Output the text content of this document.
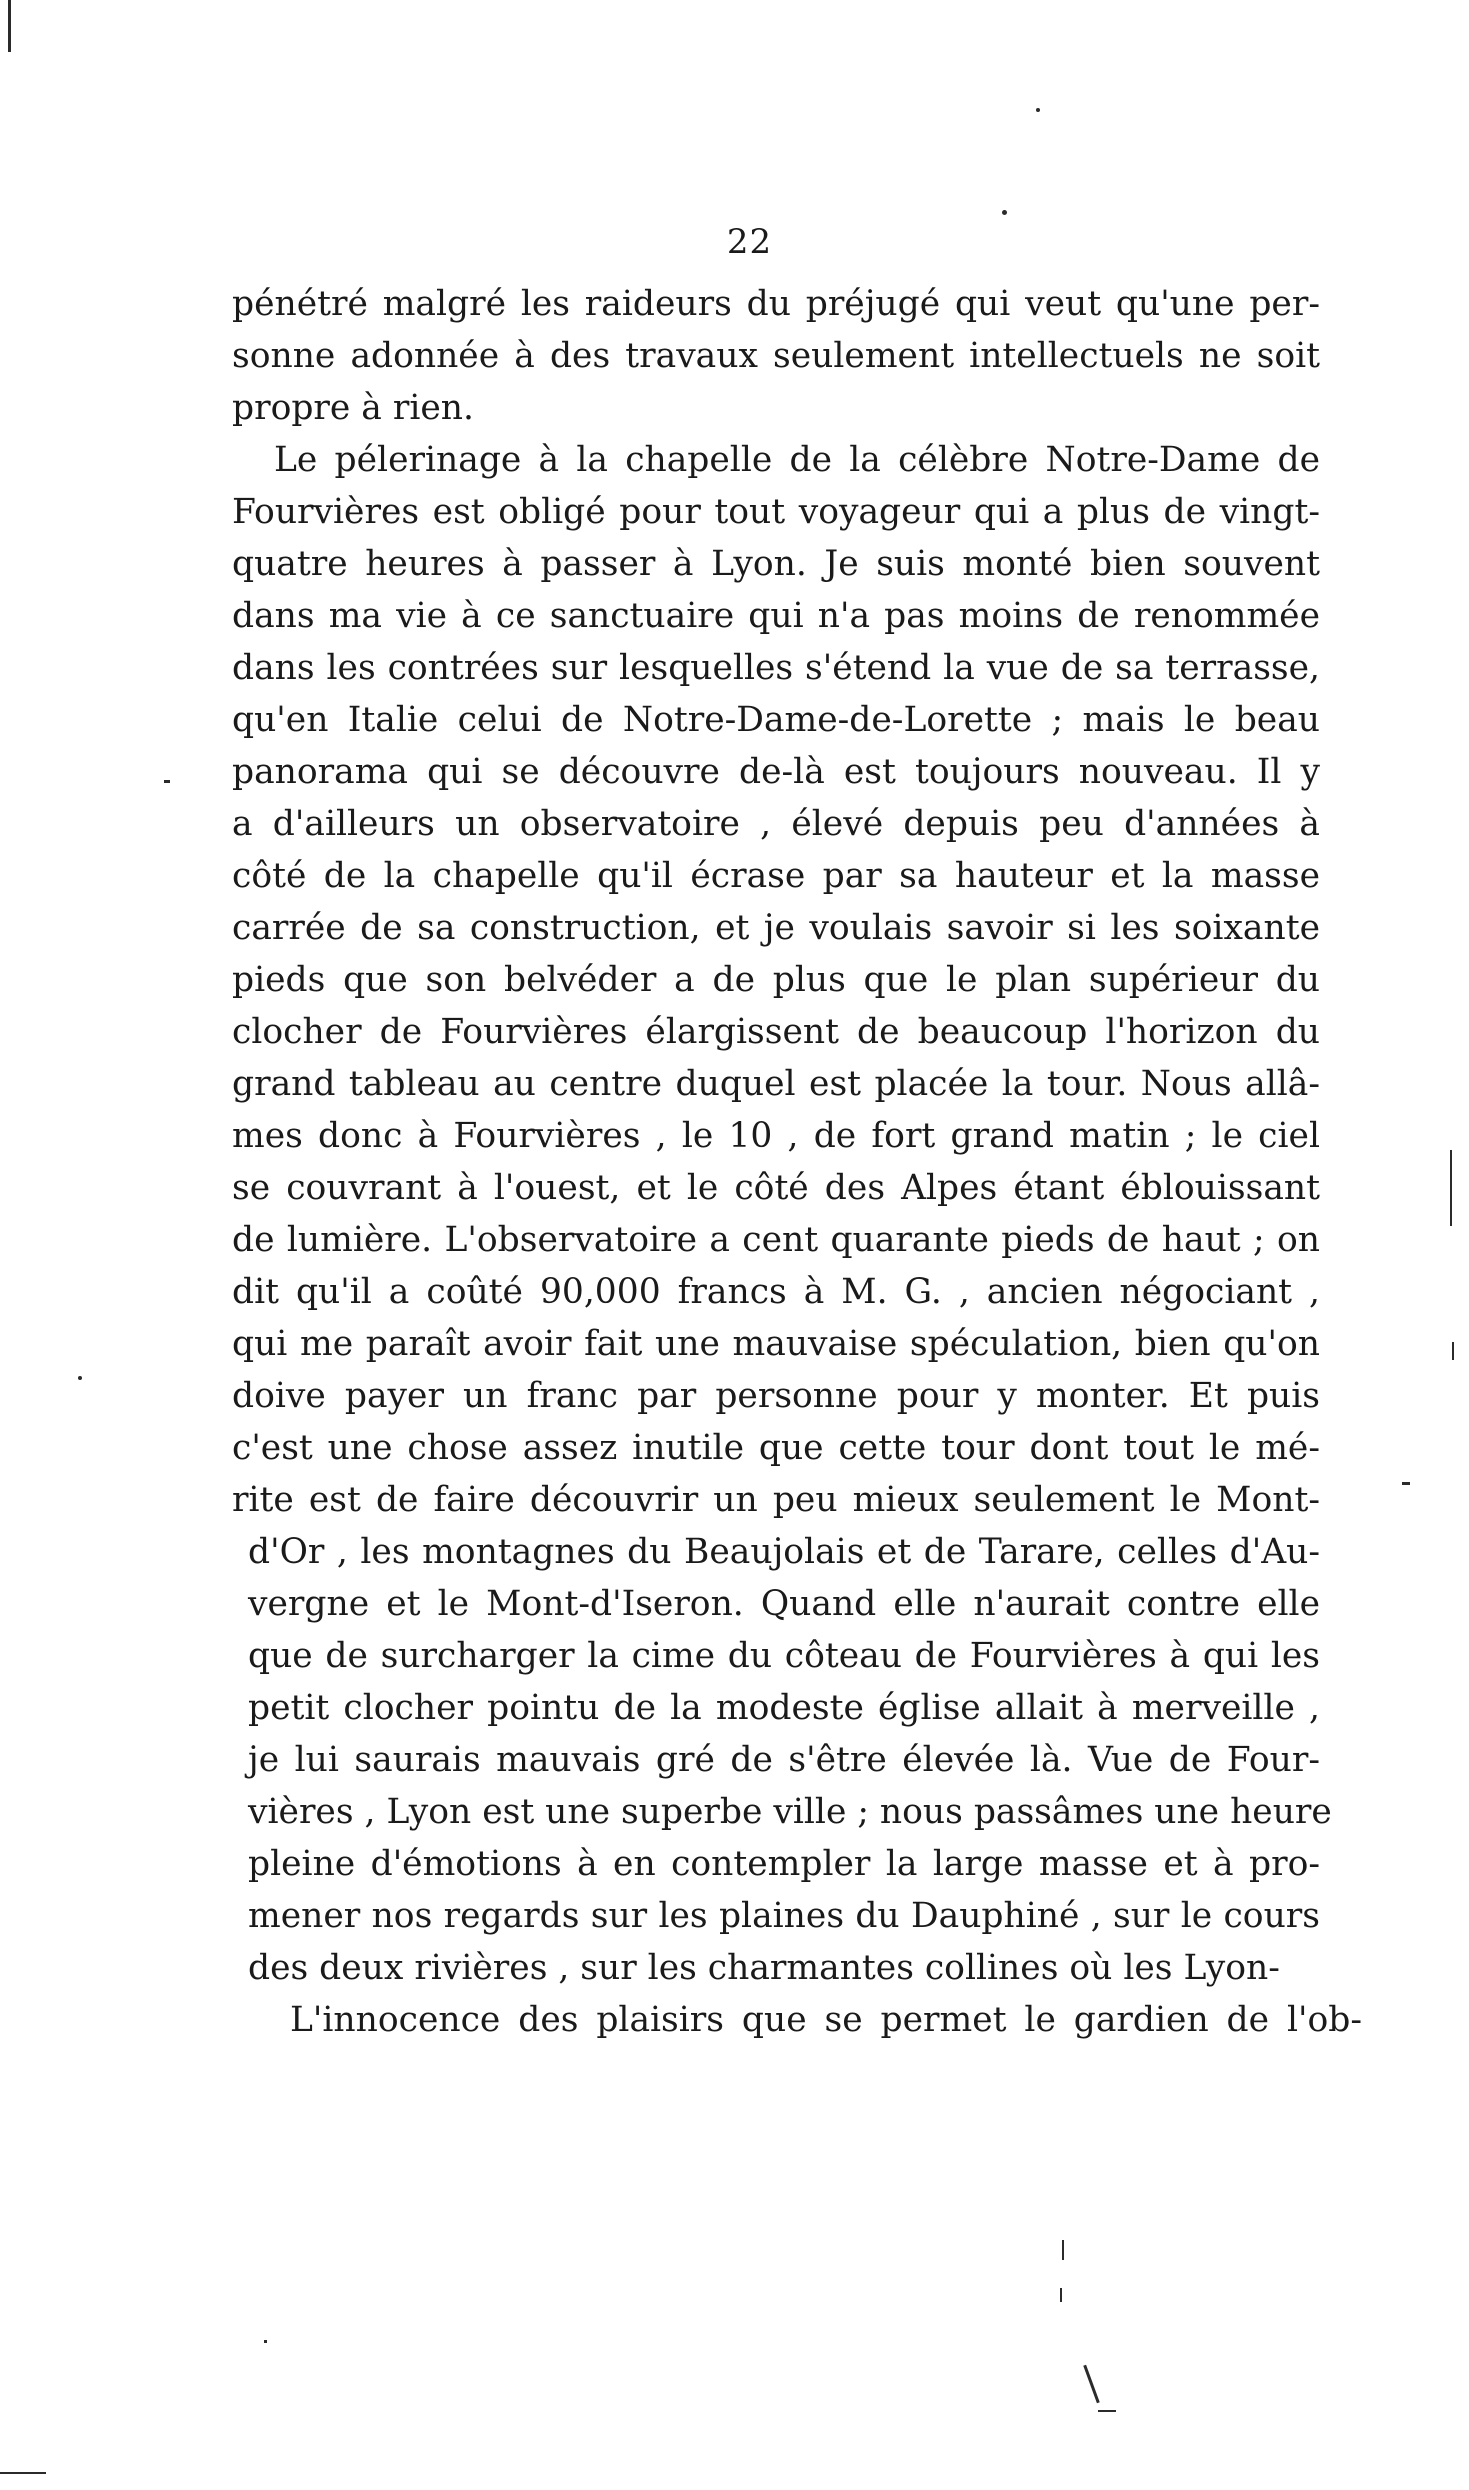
22
pénétré malgré les raideurs du préjugé qui veut qu'une per-
sonne adonnée à des travaux seulement intellectuels ne soit
propre à rien.
Le pélerinage à la chapelle de la célèbre Notre-Dame de
Fourvières est obligé pour tout voyageur qui a plus de vingt-
quatre heures à passer à Lyon. Je suis monté bien souvent
dans ma vie à ce sanctuaire qui n'a pas moins de renommée
dans les contrées sur lesquelles s'étend la vue de sa terrasse,
qu'en Italie celui de Notre-Dame-de-Lorette ; mais le beau
panorama qui se découvre de-là est toujours nouveau. Il y
a d'ailleurs un observatoire , élevé depuis peu d'années à
côté de la chapelle qu'il écrase par sa hauteur et la masse
carrée de sa construction, et je voulais savoir si les soixante
pieds que son belvéder a de plus que le plan supérieur du
clocher de Fourvières élargissent de beaucoup l'horizon du
grand tableau au centre duquel est placée la tour. Nous allâ-
mes donc à Fourvières , le 10 , de fort grand matin ; le ciel
se couvrant à l'ouest, et le côté des Alpes étant éblouissant
de lumière. L'observatoire a cent quarante pieds de haut ; on
dit qu'il a coûté 90,000 francs à M. G. , ancien négociant ,
qui me paraît avoir fait une mauvaise spéculation, bien qu'on
doive payer un franc par personne pour y monter. Et puis
c'est une chose assez inutile que cette tour dont tout le mé-
rite est de faire découvrir un peu mieux seulement le Mont-
d'Or , les montagnes du Beaujolais et de Tarare, celles d'Au-
vergne et le Mont-d'Iseron. Quand elle n'aurait contre elle
que de surcharger la cime du côteau de Fourvières à qui les
petit clocher pointu de la modeste église allait à merveille ,
je lui saurais mauvais gré de s'être élevée là. Vue de Four-
vières , Lyon est une superbe ville ; nous passâmes une heure
pleine d'émotions à en contempler la large masse et à pro-
mener nos regards sur les plaines du Dauphiné , sur le cours
des deux rivières , sur les charmantes collines où les Lyon-
L'innocence des plaisirs que se permet le gardien de l'ob-
